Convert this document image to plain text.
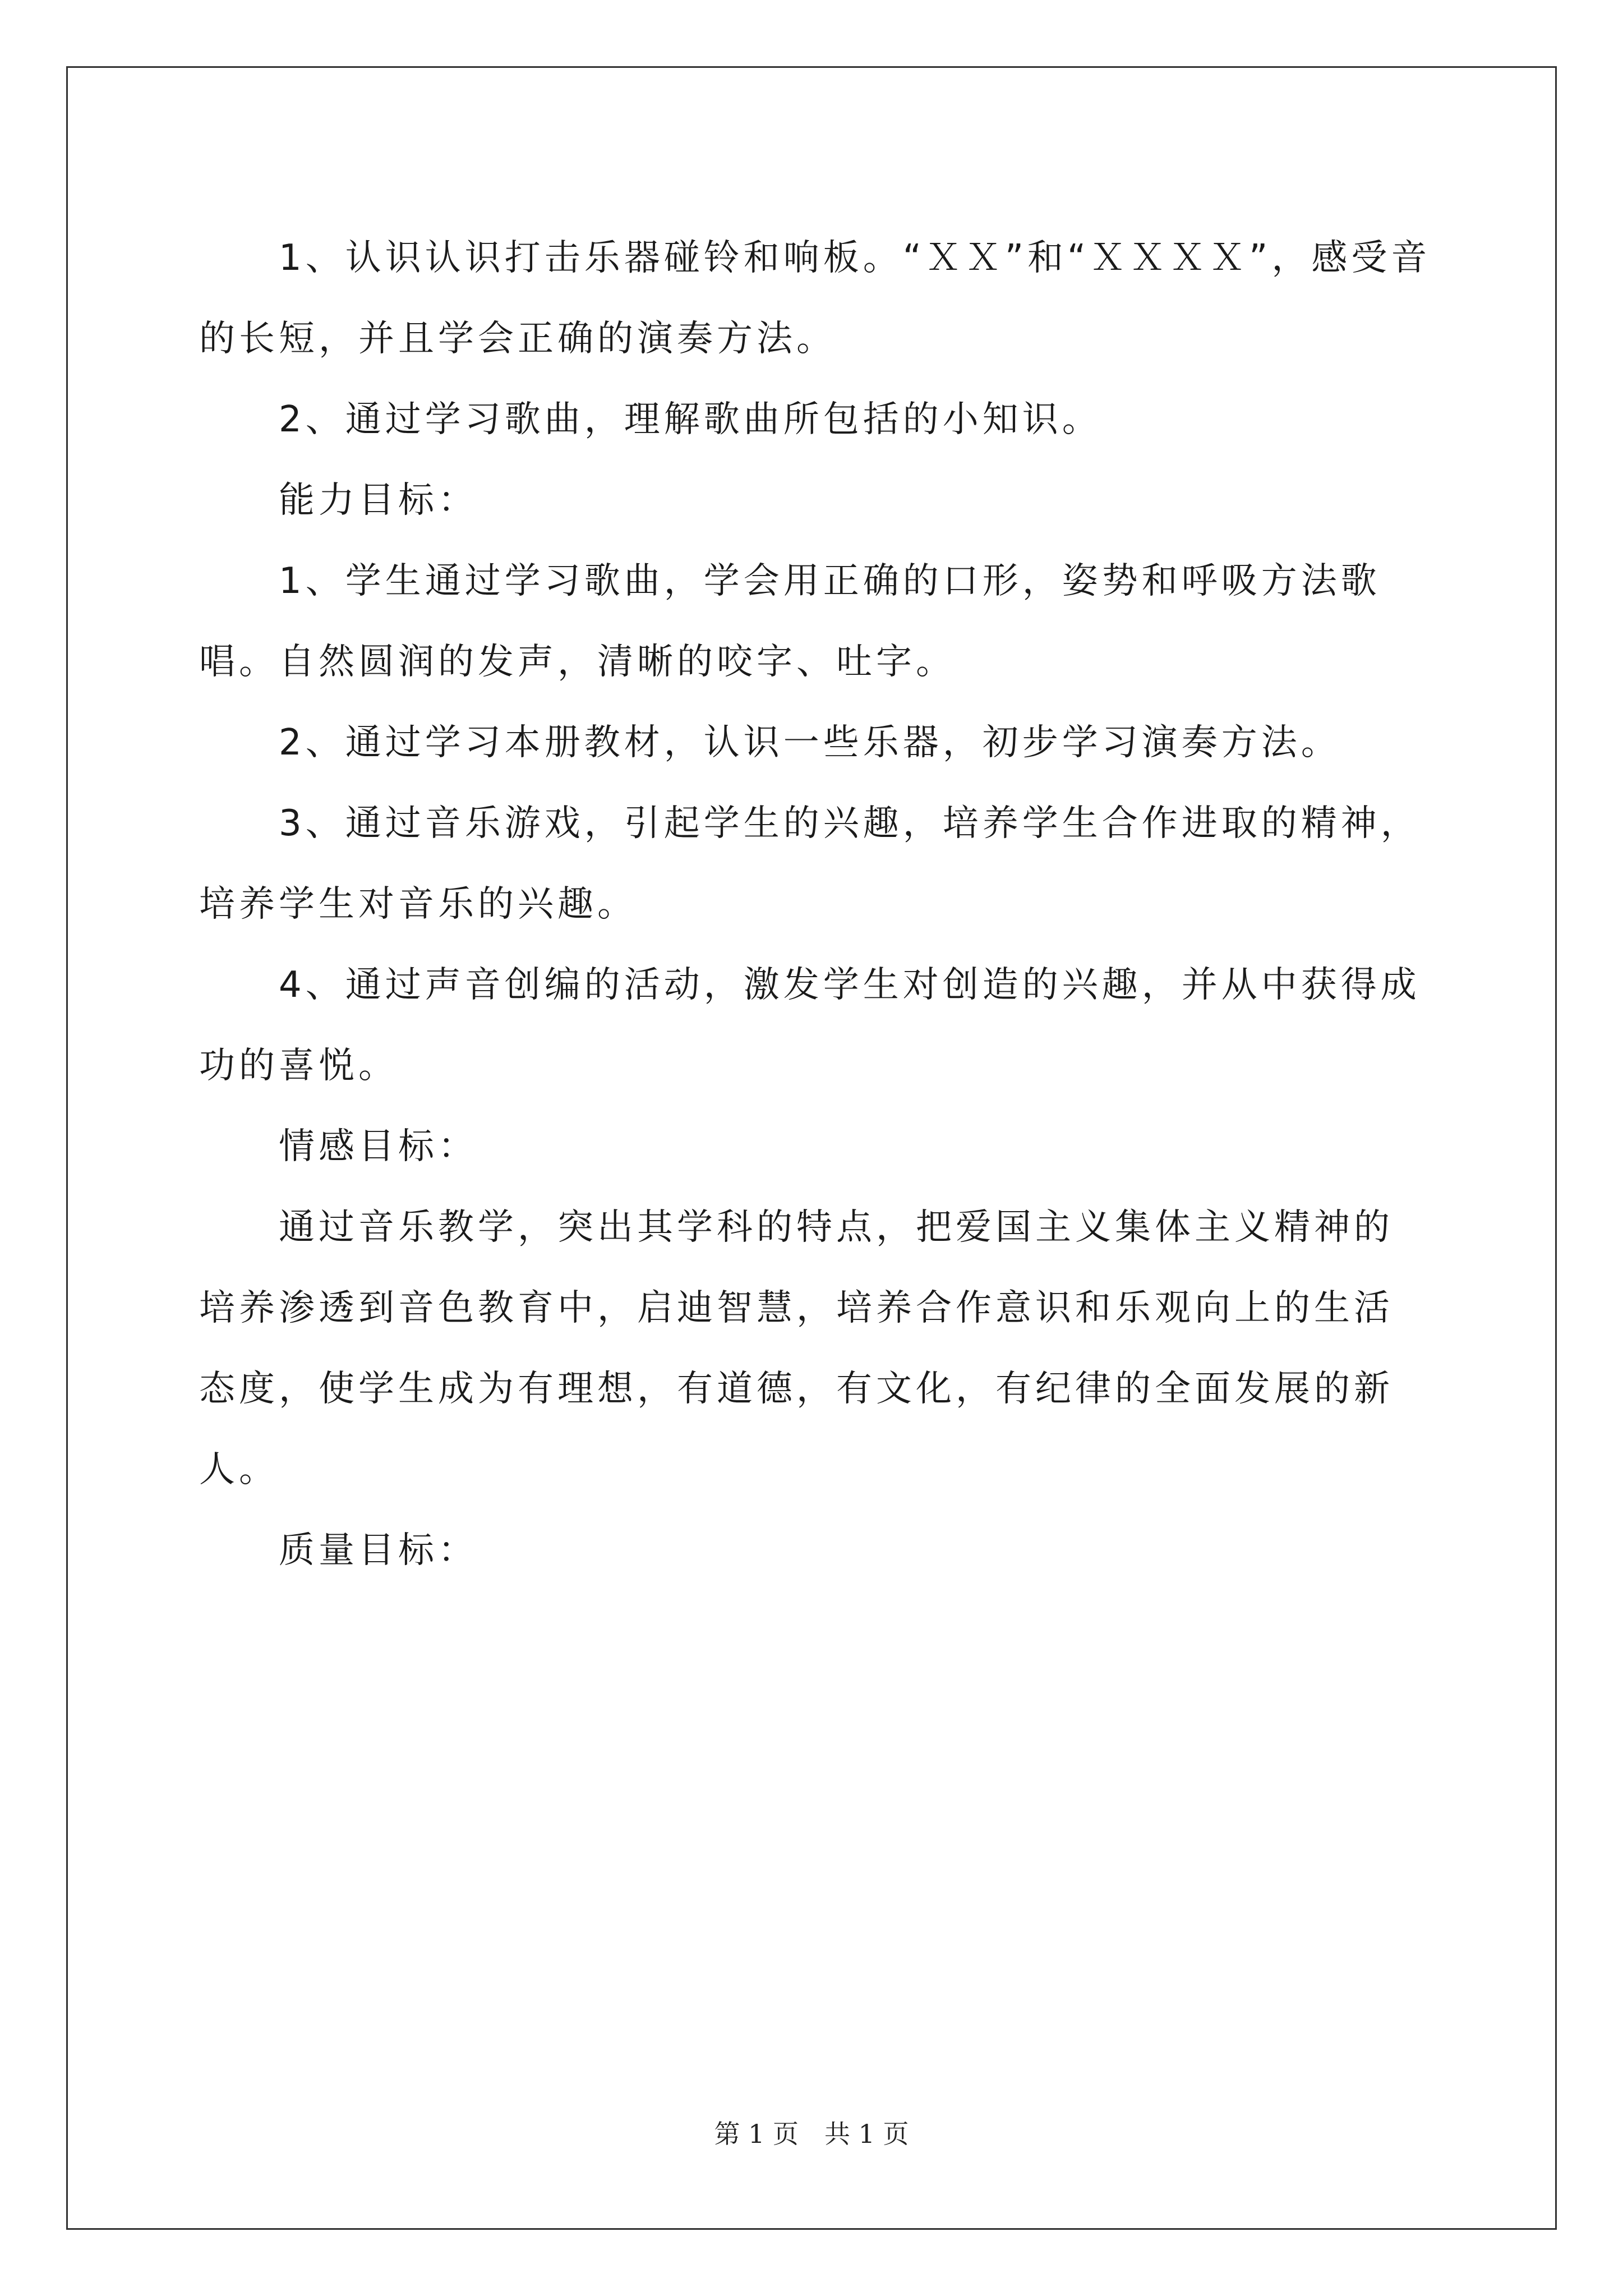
　　1、认识认识打击乐器碰铃和响板。“ＸＸ”和“ＸＸＸＸ”，感受音的长短，并且学会正确的演奏方法。

　　2、通过学习歌曲，理解歌曲所包括的小知识。

　　能力目标：

　　1、学生通过学习歌曲，学会用正确的口形，姿势和呼吸方法歌唱。自然圆润的发声，清晰的咬字、吐字。

　　2、通过学习本册教材，认识一些乐器，初步学习演奏方法。

　　3、通过音乐游戏，引起学生的兴趣，培养学生合作进取的精神，培养学生对音乐的兴趣。

　　4、通过声音创编的活动，激发学生对创造的兴趣，并从中获得成功的喜悦。

　　情感目标：

　　通过音乐教学，突出其学科的特点，把爱国主义集体主义精神的培养渗透到音色教育中，启迪智慧，培养合作意识和乐观向上的生活态度，使学生成为有理想，有道德，有文化，有纪律的全面发展的新人。

　　质量目标：

第 1 页　共 1 页
